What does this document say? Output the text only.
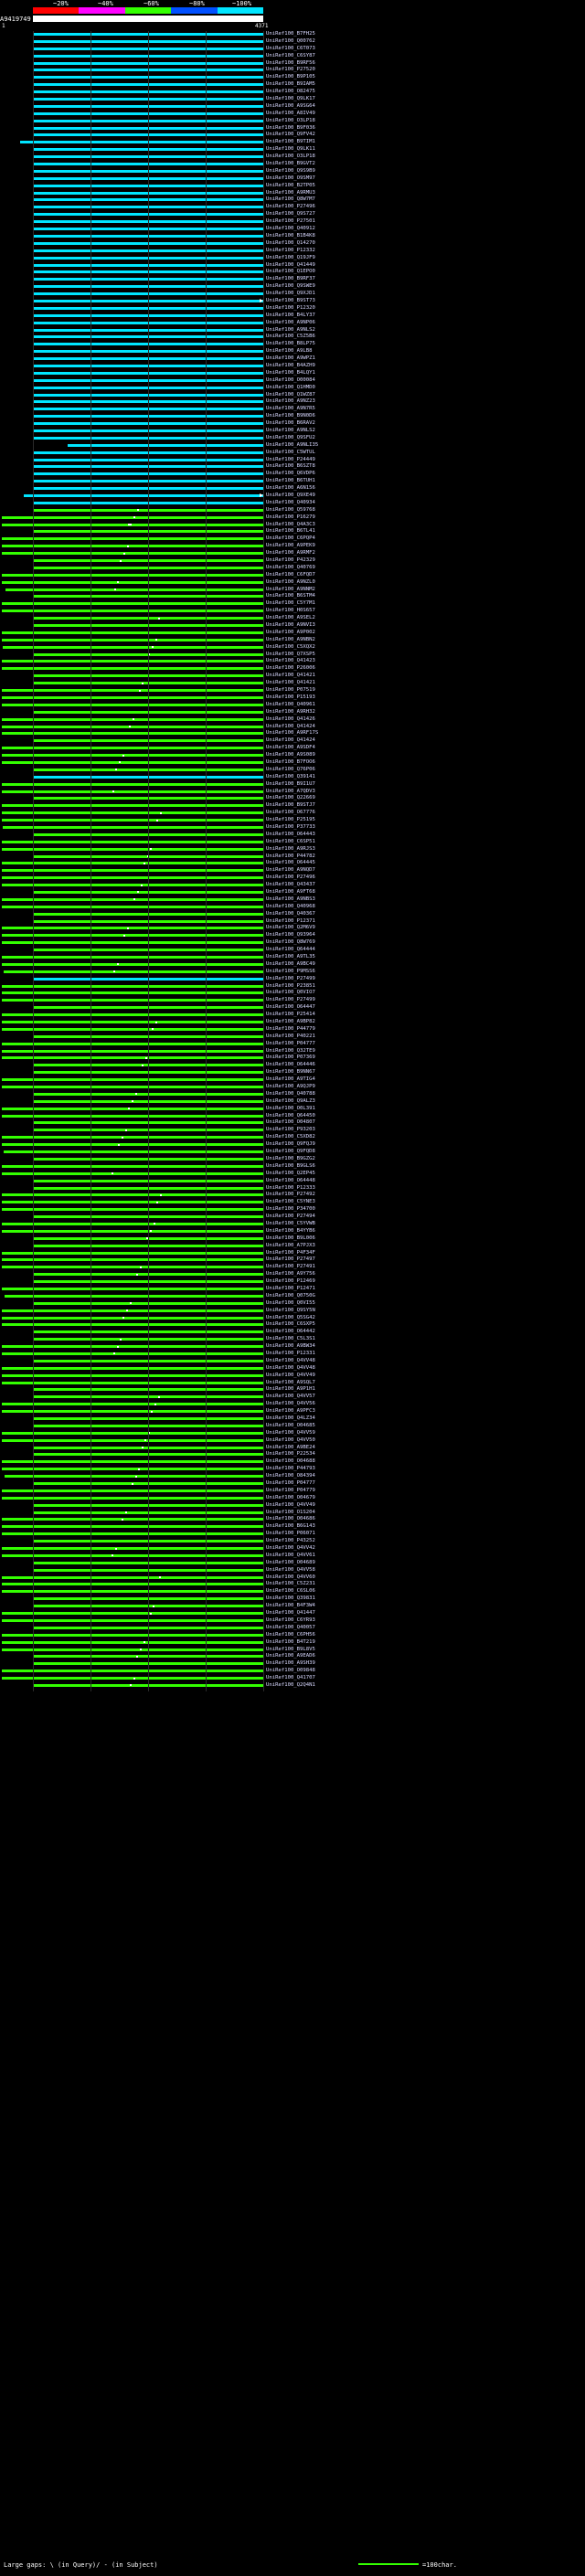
~20%	~40%	~60%	~80%	~100%
A9419749
1	4371
UniRef100_B7FH25
UniRef100_Q00762
UniRef100_C6T073
UniRef100_C6SY87
UniRef100_B9RF56
UniRef100_P27520
UniRef100_B9P105
UniRef100_B9IAM5
UniRef100_O82475
UniRef100_Q9LK17
UniRef100_A9SG64
UniRef100_A8IV49
UniRef100_O3LP18
UniRef100_B9F036
UniRef100_Q9FV42
UniRef100_B9TIM1
UniRef100_Q9LK11
UniRef100_O3LP18
UniRef100_B9GVT2
UniRef100_Q9S9B9
UniRef100_O9SM97
UniRef100_B2TP05
UniRef100_A9RMU3
UniRef100_Q8W7M7
UniRef100_P27496
UniRef100_Q9S727
UniRef100_P27501
UniRef100_Q40912
UniRef100_B1B4K8
UniRef100_Q14270
UniRef100_P12332
UniRef100_Q19JF9
UniRef100_Q41449
UniRef100_Q1EPO0
UniRef100_B9RF37
UniRef100_Q9SWE9
UniRef100_Q9XJD1
UniRef100_B9ST73
UniRef100_P12320
UniRef100_B4LY37
UniRef100_A9NP06
UniRef100_A9NLS2
UniRef100_C5Z5B6
UniRef100_B8LP75
UniRef100_A9LB8
UniRef100_A9WPZ1
UniRef100_B4AZH9
UniRef100_B4LQY1
UniRef100_O00084
UniRef100_Q1HMD0
UniRef100_Q1WZ87
UniRef100_A9NZ23
UniRef100_A9N7R5
UniRef100_B9N0D6
UniRef100_B6RAV2
UniRef100_A9NLS2
UniRef100_Q9SFU2
UniRef100_A9NLI35
UniRef100_C5WTUL
UniRef100_P24449
UniRef100_B6SZT8
UniRef100_Q6VDP6
UniRef100_B6TUH1
UniRef100_A6N156
UniRef100_Q9XE49
UniRef100_Q40934
UniRef100_Q59768
UniRef100_P16279
UniRef100_Q4A3C3
UniRef100_B6TL41
UniRef100_C6PQP4
UniRef100_A9PEK9
UniRef100_A9RMF2
UniRef100_P42329
UniRef100_Q40769
UniRef100_C6FQD7
UniRef100_A9NZL0
UniRef100_A9NNM2
UniRef100_B6STM4
UniRef100_C5Y7M1
UniRef100_H0S657
UniRef100_A9SEL2
UniRef100_A9NVI3
UniRef100_A9P002
UniRef100_A9NBN2
UniRef100_C5XQX2
UniRef100_Q7XSP5
UniRef100_Q41423
UniRef100_P26006
UniRef100_Q41421
UniRef100_Q41421
UniRef100_P07519
UniRef100_P15193
UniRef100_Q40961
UniRef100_A9RH32
UniRef100_Q41426
UniRef100_Q41424
UniRef100_A9RF17S
UniRef100_Q41424
UniRef100_A9SDF4
UniRef100_A9S089
UniRef100_B7FOO6
UniRef100_Q76P06
UniRef100_Q39141
UniRef100_B9I1U7
UniRef100_A7QDV3
UniRef100_Q22669
UniRef100_B9STJ7
UniRef100_O67776
UniRef100_P25195
UniRef100_P37733
UniRef100_O64443
UniRef100_C6SP51
UniRef100_A9RJS3
UniRef100_P44782
UniRef100_O64445
UniRef100_A9NQD7
UniRef100_P27496
UniRef100_Q43437
UniRef100_A9FT68
UniRef100_A9NBS3
UniRef100_Q40968
UniRef100_Q40367
UniRef100_P12371
UniRef100_Q2M6V9
UniRef100_Q93964
UniRef100_Q8W769
UniRef100_Q64444
UniRef100_A9TL35
UniRef100_A9BC49
UniRef100_P9MSS6
UniRef100_P27499
UniRef100_P23851
UniRef100_Q0VIO7
UniRef100_P27499
UniRef100_O64447
UniRef100_P25414
UniRef100_A9BP82
UniRef100_P44779
UniRef100_P40221
UniRef100_P04777
UniRef100_Q32TE9
UniRef100_P07369
UniRef100_O64446
UniRef100_B9NN67
UniRef100_A9TIG4
UniRef100_A9QJP9
UniRef100_Q40788
UniRef100_Q9ALZ3
UniRef100_O0L391
UniRef100_Q64450
UniRef100_O04807
UniRef100_P93203
UniRef100_C5XD82
UniRef100_Q9FQJ9
UniRef100_Q9FQD8
UniRef100_B9GZG2
UniRef100_B9GLS6
UniRef100_Q2EP45
UniRef100_O64448
UniRef100_P12333
UniRef100_P27492
UniRef100_C5YNE3
UniRef100_P34700
UniRef100_P27494
UniRef100_C5YVWB
UniRef100_B4YYB6
UniRef100_B9L006
UniRef100_A7PJX3
UniRef100_P4F34F
UniRef100_P27497
UniRef100_P27491
UniRef100_A9Y756
UniRef100_P12469
UniRef100_P12471
UniRef100_Q0750G
UniRef100_Q0VI55
UniRef100_Q9SY5N
UniRef100_Q5SG42
UniRef100_C6SXP5
UniRef100_O64442
UniRef100_C5L3S1
UniRef100_A9BW34
UniRef100_P12331
UniRef100_Q4VV48
UniRef100_Q4VV48
UniRef100_Q4VV49
UniRef100_A9SQL7
UniRef100_A9P1H1
UniRef100_Q4VV57
UniRef100_Q4VV56
UniRef100_A9PFC3
UniRef100_Q4LZ34
UniRef100_O04685
UniRef100_Q4VV59
UniRef100_Q4VV50
UniRef100_A9BE24
UniRef100_P22534
UniRef100_O04688
UniRef100_P44793
UniRef100_O84394
UniRef100_P04777
UniRef100_P04779
UniRef100_O04679
UniRef100_Q4VV49
UniRef100_O1S204
UniRef100_O04686
UniRef100_B6G143
UniRef100_P06071
UniRef100_P43252
UniRef100_Q4VV42
UniRef100_Q4VV61
UniRef100_O04689
UniRef100_Q4VV58
UniRef100_Q4VV60
UniRef100_C5Z231
UniRef100_C6SL06
UniRef100_Q39831
UniRef100_B4F3W4
UniRef100_Q41447
UniRef100_C6YR93
UniRef100_Q40057
UniRef100_C6PH56
UniRef100_B4T219
UniRef100_B9L8V5
UniRef100_A9EAD6
UniRef100_A9SH39
UniRef100_O09848
UniRef100_Q41707
UniRef100_Q2Q4N1
Large gaps: \ (in Query)/ - (in Subject)	=100char.
